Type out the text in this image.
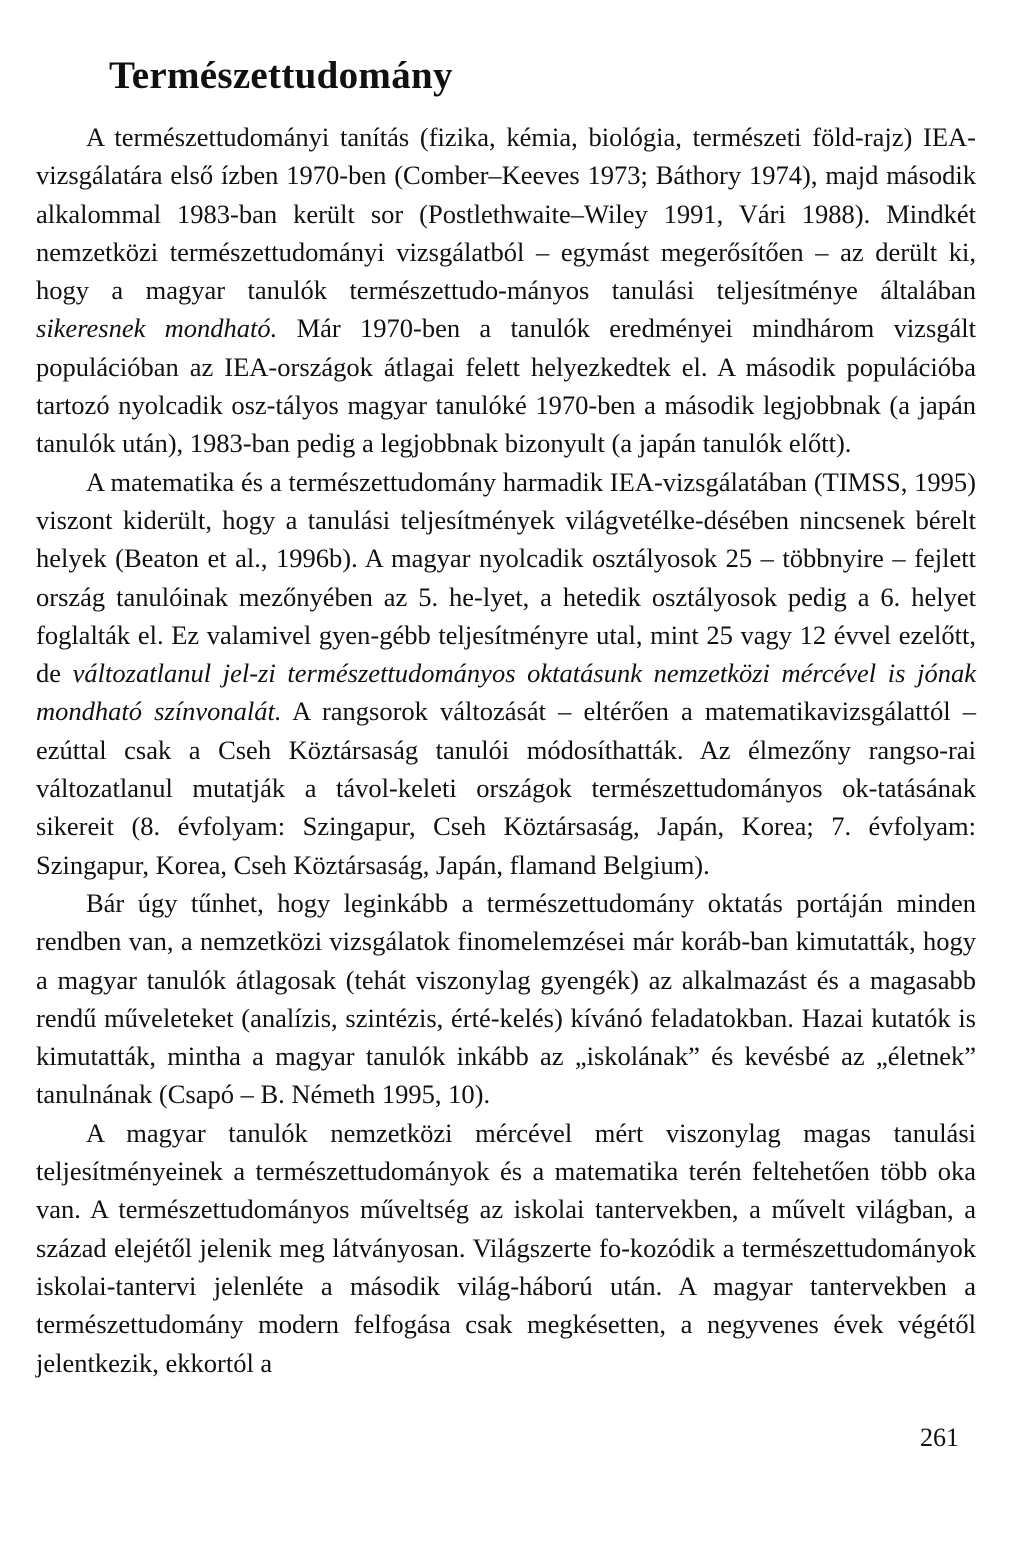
Természettudomány

A természettudományi tanítás (fizika, kémia, biológia, természeti föld-rajz) IEA-vizsgálatára első ízben 1970-ben (Comber–Keeves 1973; Báthory 1974), majd második alkalommal 1983-ban került sor (Postlethwaite–Wiley 1991, Vári 1988). Mindkét nemzetközi természettudományi vizsgálatból – egymást megerősítően – az derült ki, hogy a magyar tanulók természettudo-mányos tanulási teljesítménye általában sikeresnek mondható. Már 1970-ben a tanulók eredményei mindhárom vizsgált populációban az IEA-országok átlagai felett helyezkedtek el. A második populációba tartozó nyolcadik osz-tályos magyar tanulóké 1970-ben a második legjobbnak (a japán tanulók után), 1983-ban pedig a legjobbnak bizonyult (a japán tanulók előtt).

A matematika és a természettudomány harmadik IEA-vizsgálatában (TIMSS, 1995) viszont kiderült, hogy a tanulási teljesítmények világvetélke-désében nincsenek bérelt helyek (Beaton et al., 1996b). A magyar nyolcadik osztályosok 25 – többnyire – fejlett ország tanulóinak mezőnyében az 5. he-lyet, a hetedik osztályosok pedig a 6. helyet foglalták el. Ez valamivel gyen-gébb teljesítményre utal, mint 25 vagy 12 évvel ezelőtt, de változatlanul jel-zi természettudományos oktatásunk nemzetközi mércével is jónak mondható színvonalát. A rangsorok változását – eltérően a matematikavizsgálattól – ezúttal csak a Cseh Köztársaság tanulói módosíthatták. Az élmezőny rangso-rai változatlanul mutatják a távol-keleti országok természettudományos ok-tatásának sikereit (8. évfolyam: Szingapur, Cseh Köztársaság, Japán, Korea; 7. évfolyam: Szingapur, Korea, Cseh Köztársaság, Japán, flamand Belgium).

Bár úgy tűnhet, hogy leginkább a természettudomány oktatás portáján minden rendben van, a nemzetközi vizsgálatok finomelemzései már koráb-ban kimutatták, hogy a magyar tanulók átlagosak (tehát viszonylag gyengék) az alkalmazást és a magasabb rendű műveleteket (analízis, szintézis, érté-kelés) kívánó feladatokban. Hazai kutatók is kimutatták, mintha a magyar tanulók inkább az „iskolának” és kevésbé az „életnek” tanulnának (Csapó – B. Németh 1995, 10).

A magyar tanulók nemzetközi mércével mért viszonylag magas tanulási teljesítményeinek a természettudományok és a matematika terén feltehetően több oka van. A természettudományos műveltség az iskolai tantervekben, a művelt világban, a század elejétől jelenik meg látványosan. Világszerte fo-kozódik a természettudományok iskolai-tantervi jelenléte a második világ-háború után. A magyar tantervekben a természettudomány modern felfogása csak megkésetten, a negyvenes évek végétől jelentkezik, ekkortól a

261
